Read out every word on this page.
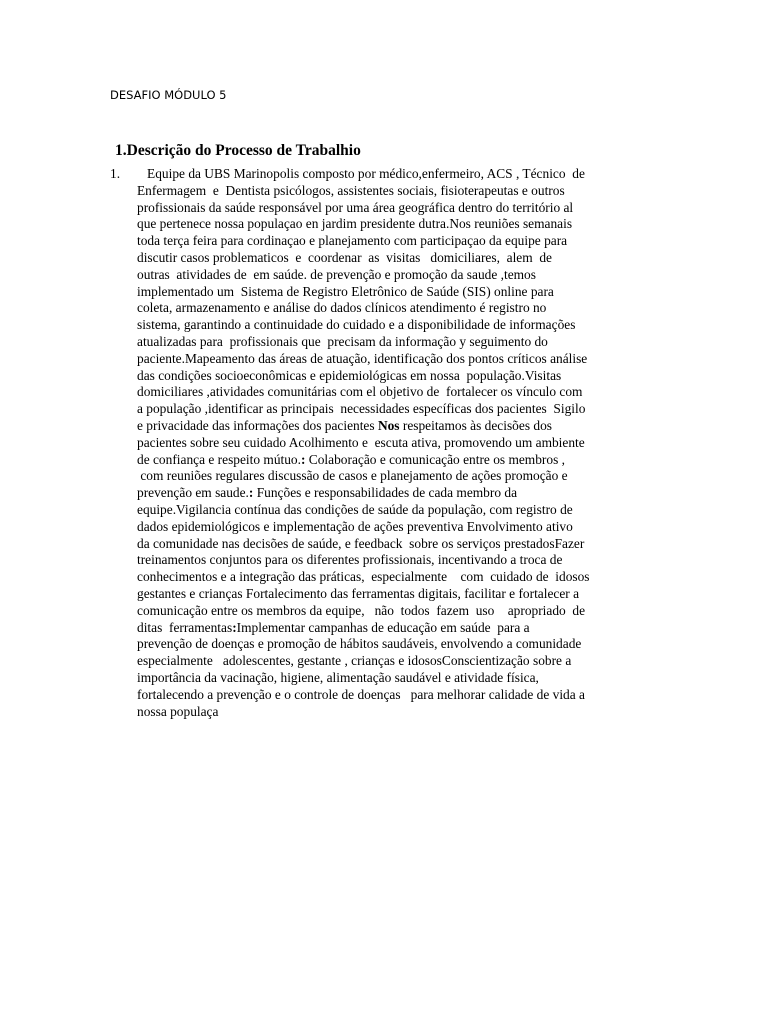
DESAFIO MÓDULO 5
1.Descrição do Processo de Trabalhio
1. Equipe da UBS Marinopolis composto por médico,enfermeiro, ACS , Técnico  de
Enfermagem  e  Dentista psicólogos, assistentes sociais, fisioterapeutas e outros
profissionais da saúde responsável por uma área geográfica dentro do território al
que pertenece nossa populaçao en jardim presidente dutra.Nos reuniões semanais
toda terça feira para cordinaçao e planejamento com participaçao da equipe para
discutir casos problematicos  e  coordenar  as  visitas   domiciliares,  alem  de
outras  atividades de  em saúde. de prevenção e promoção da saude ,temos
implementado um  Sistema de Registro Eletrônico de Saúde (SIS) online para
coleta, armazenamento e análise do dados clínicos atendimento é registro no
sistema, garantindo a continuidade do cuidado e a disponibilidade de informações
atualizadas para  profissionais que  precisam da informação y seguimento do
paciente.Mapeamento das áreas de atuação, identificação dos pontos críticos análise
das condições socioeconômicas e epidemiológicas em nossa  população.Visitas
domiciliares ,atividades comunitárias com el objetivo de  fortalecer os vínculo com
a população ,identificar as principais  necessidades específicas dos pacientes  Sigilo
e privacidade das informações dos pacientes Nos respeitamos às decisões dos
pacientes sobre seu cuidado Acolhimento e  escuta ativa, promovendo um ambiente
de confiança e respeito mútuo.: Colaboração e comunicação entre os membros ,
com reuniões regulares discussão de casos e planejamento de ações promoção e
prevenção em saude.: Funções e responsabilidades de cada membro da
equipe.Vigilancia contínua das condições de saúde da população, com registro de
dados epidemiológicos e implementação de ações preventiva Envolvimento ativo
da comunidade nas decisões de saúde, e feedback  sobre os serviços prestadosFazer
treinamentos conjuntos para os diferentes profissionais, incentivando a troca de
conhecimentos e a integração das práticas,  especialmente    com  cuidado de  idosos
gestantes e crianças Fortalecimento das ferramentas digitais, facilitar e fortalecer a
comunicação entre os membros da equipe,   não  todos  fazem  uso    apropriado  de
ditas  ferramentas:Implementar campanhas de educação em saúde  para a
prevenção de doenças e promoção de hábitos saudáveis, envolvendo a comunidade
especialmente   adolescentes, gestante , crianças e idososConscientização sobre a
importância da vacinação, higiene, alimentação saudável e atividade física,
fortalecendo a prevenção e o controle de doenças   para melhorar calidade de vida a
nossa populaça
